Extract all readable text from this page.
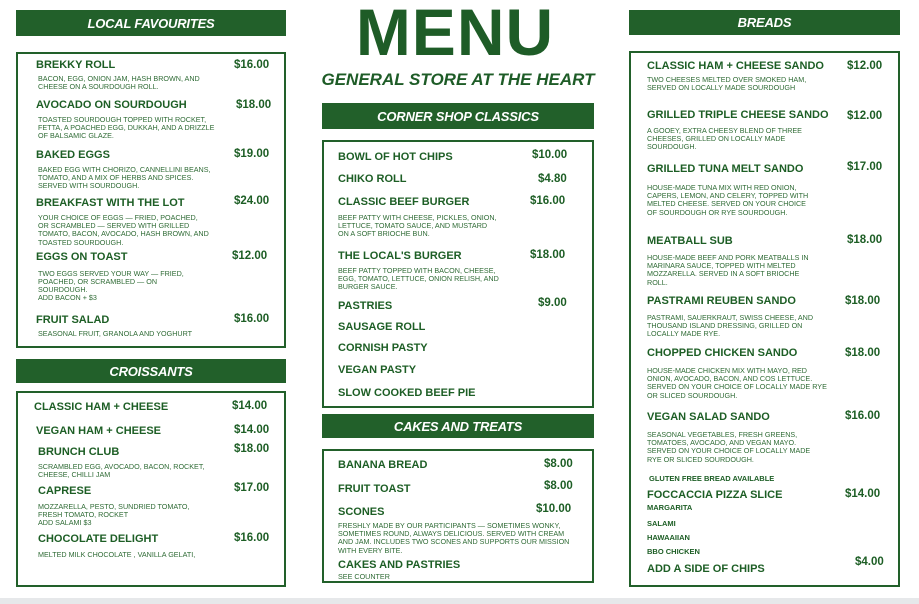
MENU
GENERAL STORE AT THE HEART
LOCAL FAVOURITES
BREKKY ROLL	$16.00
BACON, EGG, ONION JAM, HASH BROWN, AND CHEESE ON A SOURDOUGH ROLL.
AVOCADO ON SOURDOUGH	$18.00
TOASTED SOURDOUGH TOPPED WITH ROCKET, FETTA, A POACHED EGG, DUKKAH, AND A DRIZZLE OF BALSAMIC GLAZE.
BAKED EGGS	$19.00
BAKED EGG WITH CHORIZO, CANNELLINI BEANS, TOMATO, AND A MIX OF HERBS AND SPICES. SERVED WITH SOURDOUGH.
BREAKFAST WITH THE LOT	$24.00
YOUR CHOICE OF EGGS — FRIED, POACHED, OR SCRAMBLED — SERVED WITH GRILLED TOMATO, BACON, AVOCADO, HASH BROWN, AND TOASTED SOURDOUGH.
EGGS ON TOAST	$12.00
TWO EGGS SERVED YOUR WAY — FRIED, POACHED, OR SCRAMBLED — ON SOURDOUGH.
ADD BACON + $3
FRUIT SALAD	$16.00
SEASONAL FRUIT, GRANOLA AND YOGHURT
CROISSANTS
CLASSIC HAM + CHEESE	$14.00
VEGAN HAM + CHEESE	$14.00
BRUNCH CLUB	$18.00
SCRAMBLED EGG, AVOCADO, BACON, ROCKET, CHEESE, CHILLI JAM
CAPRESE	$17.00
MOZZARELLA, PESTO, SUNDRIED TOMATO, FRESH TOMATO, ROCKET
ADD SALAMI $3
CHOCOLATE DELIGHT	$16.00
MELTED MILK CHOCOLATE , VANILLA GELATI,
CORNER SHOP CLASSICS
BOWL OF HOT CHIPS	$10.00
CHIKO ROLL	$4.80
CLASSIC BEEF BURGER	$16.00
BEEF PATTY WITH CHEESE, PICKLES, ONION, LETTUCE, TOMATO SAUCE, AND MUSTARD ON A SOFT BRIOCHE BUN.
THE LOCAL'S BURGER	$18.00
BEEF PATTY TOPPED WITH BACON, CHEESE, EGG, TOMATO, LETTUCE, ONION RELISH, AND BURGER SAUCE.
PASTRIES	$9.00
SAUSAGE ROLL
CORNISH PASTY
VEGAN PASTY
SLOW COOKED BEEF PIE
CAKES AND TREATS
BANANA BREAD	$8.00
FRUIT TOAST	$8.00
SCONES	$10.00
FRESHLY MADE BY OUR PARTICIPANTS — SOMETIMES WONKY, SOMETIMES ROUND, ALWAYS DELICIOUS. SERVED WITH CREAM AND JAM. INCLUDES TWO SCONES AND SUPPORTS OUR MISSION WITH EVERY BITE.
CAKES AND PASTRIES
SEE COUNTER
BREADS
CLASSIC HAM + CHEESE SANDO $12.00
TWO CHEESES MELTED OVER SMOKED HAM, SERVED ON LOCALLY MADE SOURDOUGH
GRILLED TRIPLE CHEESE SANDO $12.00
A GOOEY, EXTRA CHEESY BLEND OF THREE CHEESES, GRILLED ON LOCALLY MADE SOURDOUGH.
GRILLED TUNA MELT SANDO	$17.00
HOUSE-MADE TUNA MIX WITH RED ONION, CAPERS, LEMON, AND CELERY, TOPPED WITH MELTED CHEESE. SERVED ON YOUR CHOICE OF SOURDOUGH OR RYE SOURDOUGH.
MEATBALL SUB	$18.00
HOUSE-MADE BEEF AND PORK MEATBALLS IN MARINARA SAUCE, TOPPED WITH MELTED MOZZARELLA. SERVED IN A SOFT BRIOCHE ROLL.
PASTRAMI REUBEN SANDO	$18.00
PASTRAMI, SAUERKRAUT, SWISS CHEESE, AND THOUSAND ISLAND DRESSING, GRILLED ON LOCALLY MADE RYE.
CHOPPED CHICKEN SANDO	$18.00
HOUSE-MADE CHICKEN MIX WITH MAYO, RED ONION, AVOCADO, BACON, AND COS LETTUCE. SERVED ON YOUR CHOICE OF LOCALLY MADE RYE OR SLICED SOURDOUGH.
VEGAN SALAD SANDO	$16.00
SEASONAL VEGETABLES, FRESH GREENS, TOMATOES, AVOCADO, AND VEGAN MAYO. SERVED ON YOUR CHOICE OF LOCALLY MADE RYE OR SLICED SOURDOUGH.
GLUTEN FREE BREAD AVAILABLE
FOCCACCIA PIZZA SLICE	$14.00
MARGARITA
SALAMI
HAWAAIIAN
BBO CHICKEN
ADD A SIDE OF CHIPS
$4.00
